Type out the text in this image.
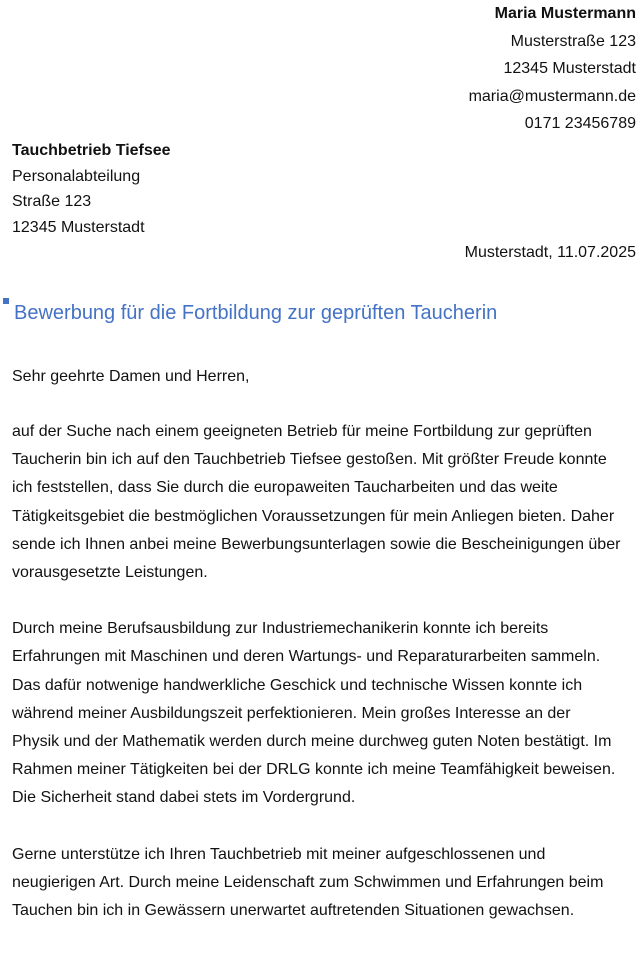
Maria Mustermann
Musterstraße 123
12345 Musterstadt
maria@mustermann.de
0171 23456789
Tauchbetrieb Tiefsee
Personalabteilung
Straße 123
12345 Musterstadt
Musterstadt, 11.07.2025
Bewerbung für die Fortbildung zur geprüften Taucherin
Sehr geehrte Damen und Herren,

auf der Suche nach einem geeigneten Betrieb für meine Fortbildung zur geprüften
Taucherin bin ich auf den Tauchbetrieb Tiefsee gestoßen. Mit größter Freude konnte
ich feststellen, dass Sie durch die europaweiten Taucharbeiten und das weite
Tätigkeitsgebiet die bestmöglichen Voraussetzungen für mein Anliegen bieten. Daher
sende ich Ihnen anbei meine Bewerbungsunterlagen sowie die Bescheinigungen über
vorausgesetzte Leistungen.

Durch meine Berufsausbildung zur Industriemechanikerin konnte ich bereits
Erfahrungen mit Maschinen und deren Wartungs- und Reparaturarbeiten sammeln.
Das dafür notwenige handwerkliche Geschick und technische Wissen konnte ich
während meiner Ausbildungszeit perfektionieren. Mein großes Interesse an der
Physik und der Mathematik werden durch meine durchweg guten Noten bestätigt. Im
Rahmen meiner Tätigkeiten bei der DRLG konnte ich meine Teamfähigkeit beweisen.
Die Sicherheit stand dabei stets im Vordergrund.

Gerne unterstütze ich Ihren Tauchbetrieb mit meiner aufgeschlossenen und
neugierigen Art. Durch meine Leidenschaft zum Schwimmen und Erfahrungen beim
Tauchen bin ich in Gewässern unerwartet auftretenden Situationen gewachsen.
